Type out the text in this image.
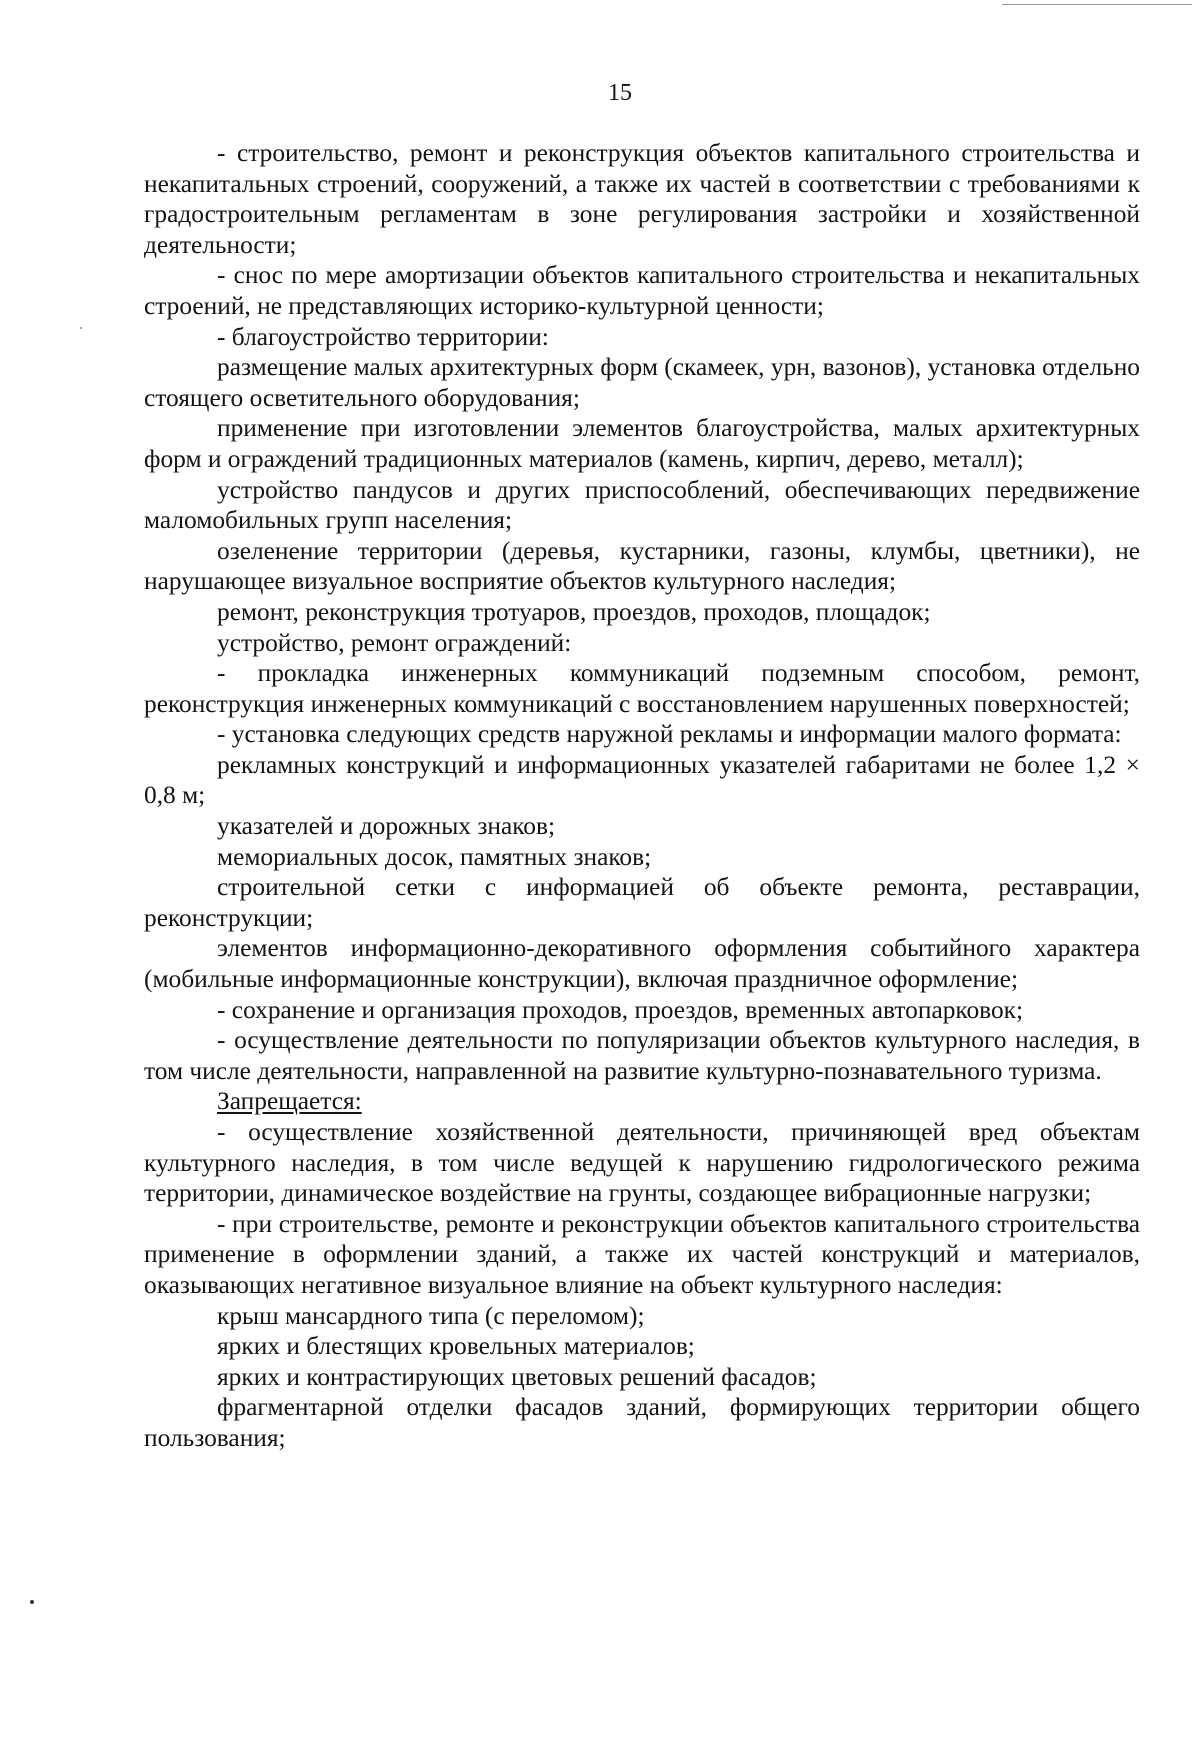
15

- строительство, ремонт и реконструкция объектов капитального строительства и некапитальных строений, сооружений, а также их частей в соответствии с требованиями к градостроительным регламентам в зоне регулирования застройки и хозяйственной деятельности;

- снос по мере амортизации объектов капитального строительства и некапитальных строений, не представляющих историко-культурной ценности;

- благоустройство территории:

размещение малых архитектурных форм (скамеек, урн, вазонов), установка отдельно стоящего осветительного оборудования;

применение при изготовлении элементов благоустройства, малых архитектурных форм и ограждений традиционных материалов (камень, кирпич, дерево, металл);

устройство пандусов и других приспособлений, обеспечивающих передвижение маломобильных групп населения;

озеленение территории (деревья, кустарники, газоны, клумбы, цветники), не нарушающее визуальное восприятие объектов культурного наследия;

ремонт, реконструкция тротуаров, проездов, проходов, площадок;

устройство, ремонт ограждений:

- прокладка инженерных коммуникаций подземным способом, ремонт, реконструкция инженерных коммуникаций с восстановлением нарушенных поверхностей;

- установка следующих средств наружной рекламы и информации малого формата:

рекламных конструкций и информационных указателей габаритами не более 1,2 × 0,8 м;

указателей и дорожных знаков;

мемориальных досок, памятных знаков;

строительной сетки с информацией об объекте ремонта, реставрации, реконструкции;

элементов информационно-декоративного оформления событийного характера (мобильные информационные конструкции), включая праздничное оформление;

- сохранение и организация проходов, проездов, временных автопарковок;

- осуществление деятельности по популяризации объектов культурного наследия, в том числе деятельности, направленной на развитие культурно-познавательного туризма.

Запрещается:

- осуществление хозяйственной деятельности, причиняющей вред объектам культурного наследия, в том числе ведущей к нарушению гидрологического режима территории, динамическое воздействие на грунты, создающее вибрационные нагрузки;

- при строительстве, ремонте и реконструкции объектов капитального строительства применение в оформлении зданий, а также их частей конструкций и материалов, оказывающих негативное визуальное влияние на объект культурного наследия:

крыш мансардного типа (с переломом);

ярких и блестящих кровельных материалов;

ярких и контрастирующих цветовых решений фасадов;

фрагментарной отделки фасадов зданий, формирующих территории общего пользования;
